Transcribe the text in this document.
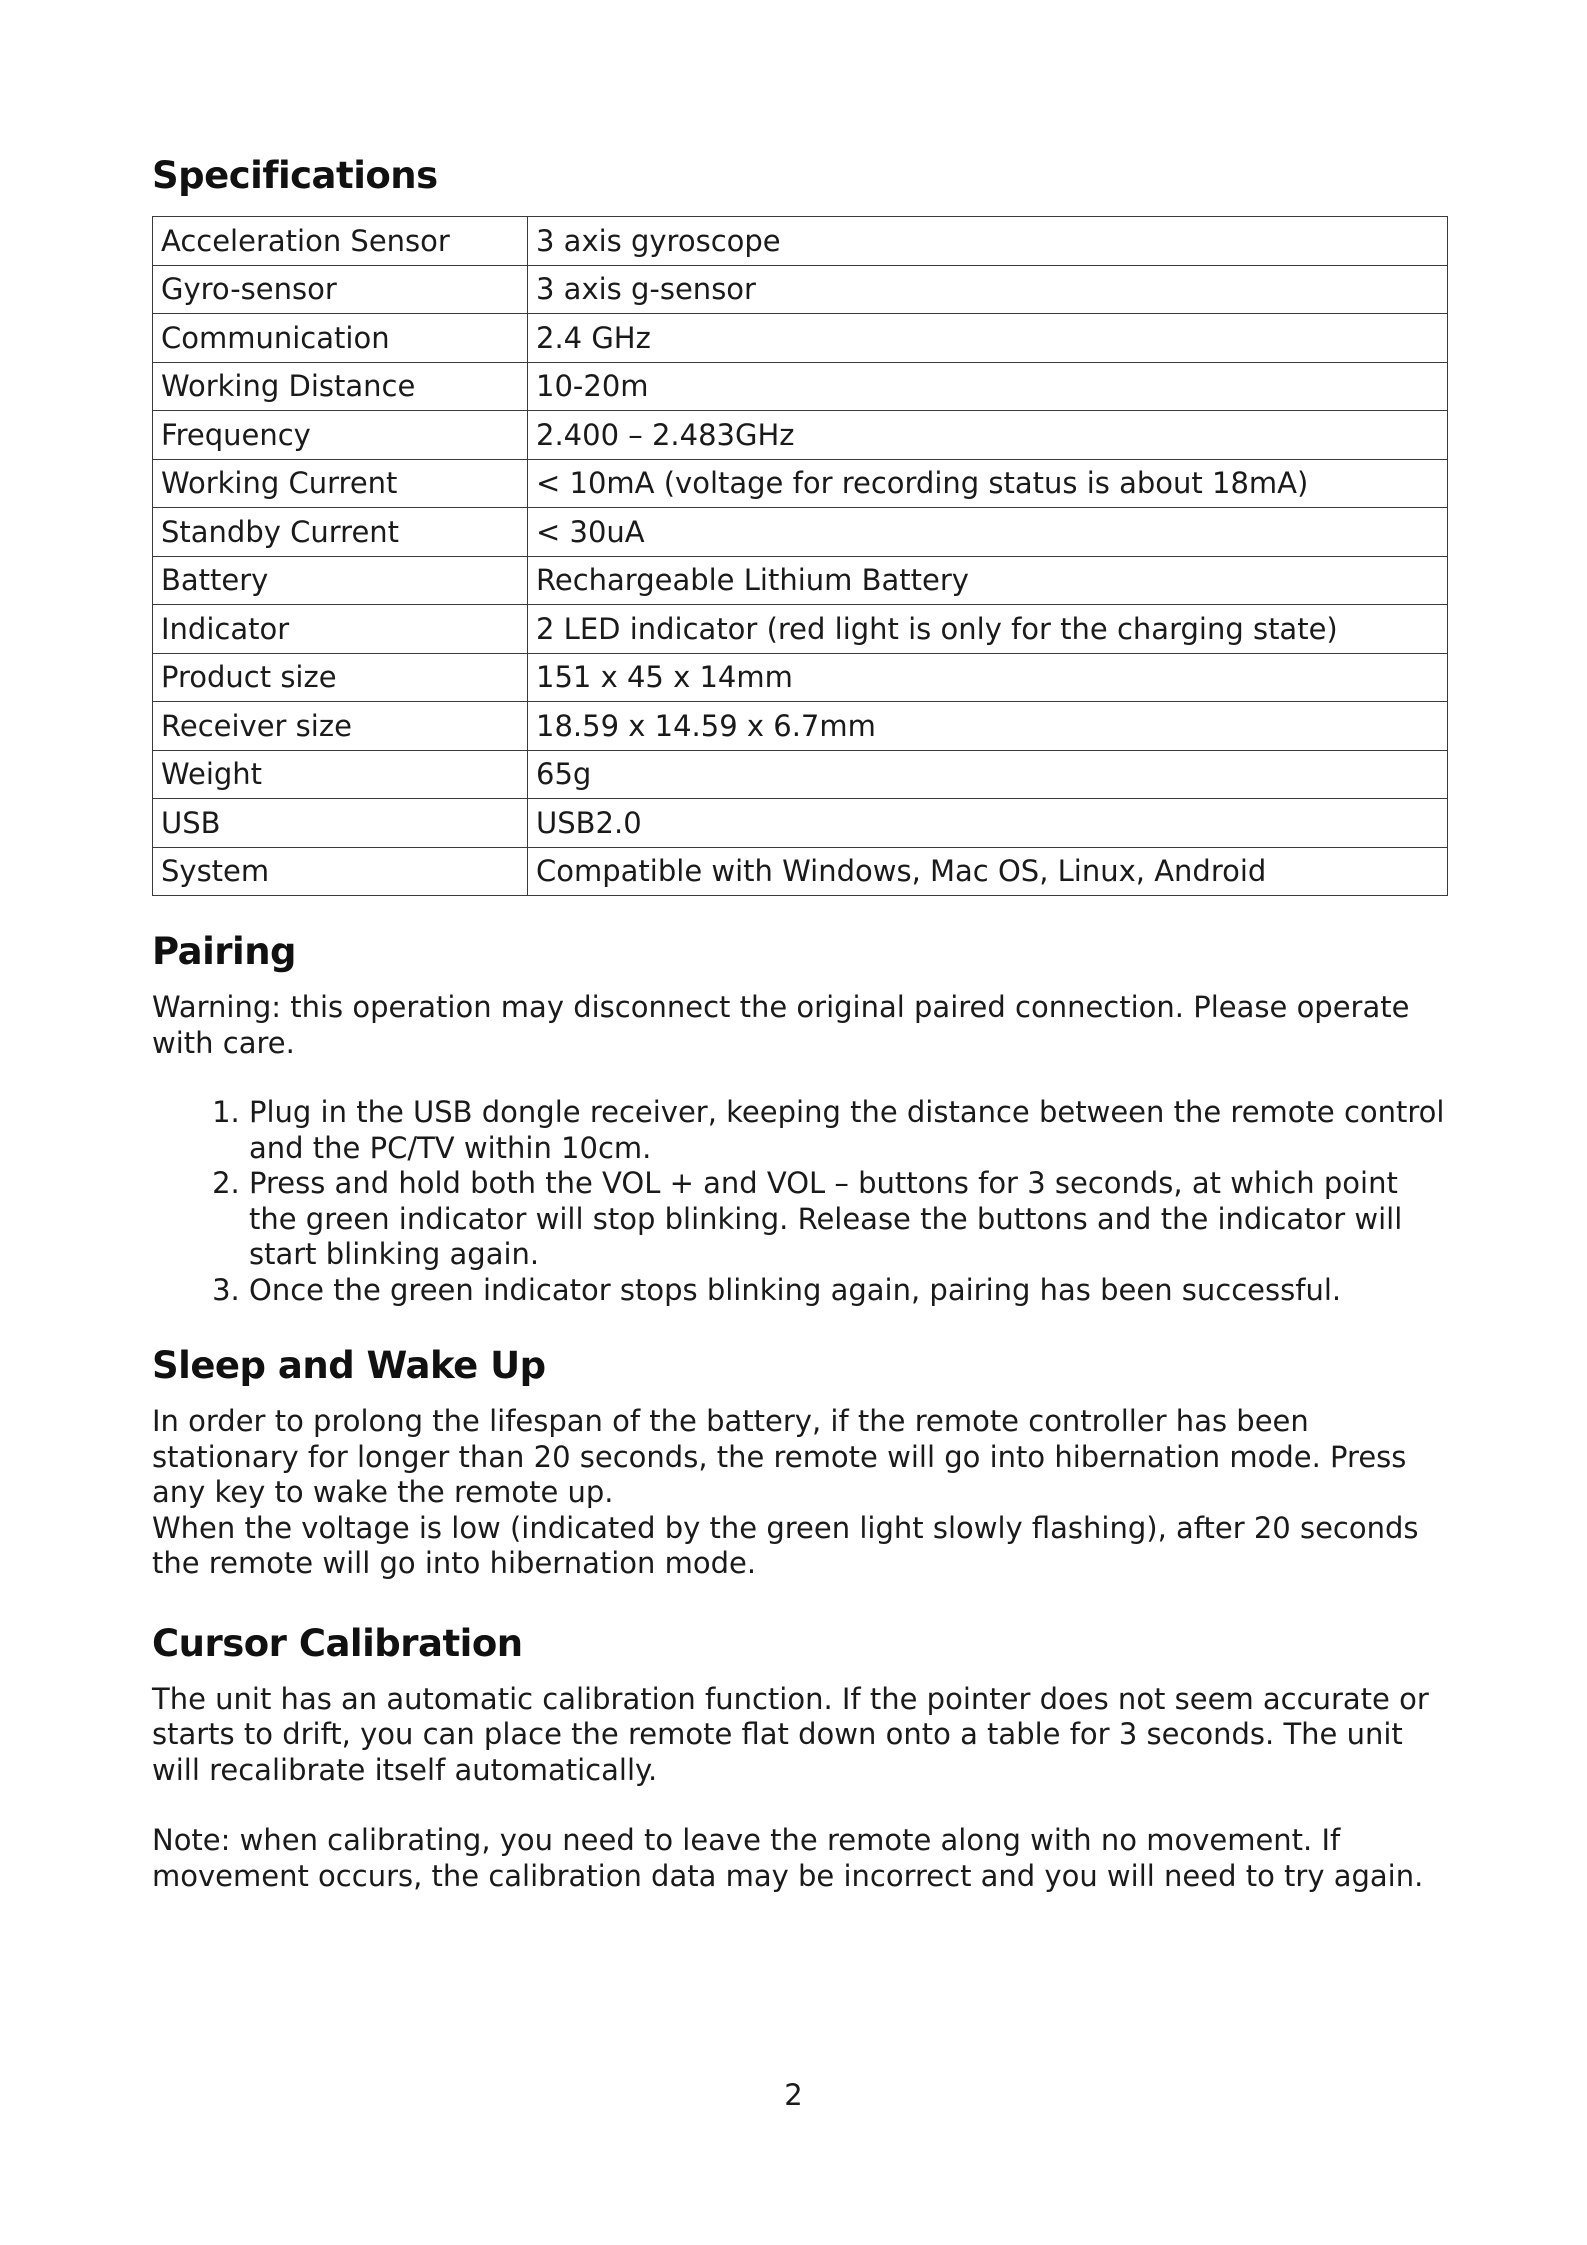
Specifications
Acceleration Sensor	3 axis gyroscope
Gyro-sensor	3 axis g-sensor
Communication	2.4 GHz
Working Distance	10-20m
Frequency	2.400 – 2.483GHz
Working Current	< 10mA (voltage for recording status is about 18mA)
Standby Current	< 30uA
Battery	Rechargeable Lithium Battery
Indicator	2 LED indicator (red light is only for the charging state)
Product size	151 x 45 x 14mm
Receiver size	18.59 x 14.59 x 6.7mm
Weight	65g
USB	USB2.0
System	Compatible with Windows, Mac OS, Linux, Android
Pairing

Warning: this operation may disconnect the original paired connection. Please operate with care.

1. Plug in the USB dongle receiver, keeping the distance between the remote control and the PC/TV within 10cm.
2. Press and hold both the VOL + and VOL – buttons for 3 seconds, at which point the green indicator will stop blinking. Release the buttons and the indicator will start blinking again.
3. Once the green indicator stops blinking again, pairing has been successful.
Sleep and Wake Up

In order to prolong the lifespan of the battery, if the remote controller has been stationary for longer than 20 seconds, the remote will go into hibernation mode. Press any key to wake the remote up.

When the voltage is low (indicated by the green light slowly flashing), after 20 seconds the remote will go into hibernation mode.

Cursor Calibration

The unit has an automatic calibration function. If the pointer does not seem accurate or starts to drift, you can place the remote flat down onto a table for 3 seconds. The unit will recalibrate itself automatically.

Note: when calibrating, you need to leave the remote along with no movement. If movement occurs, the calibration data may be incorrect and you will need to try again.

2
